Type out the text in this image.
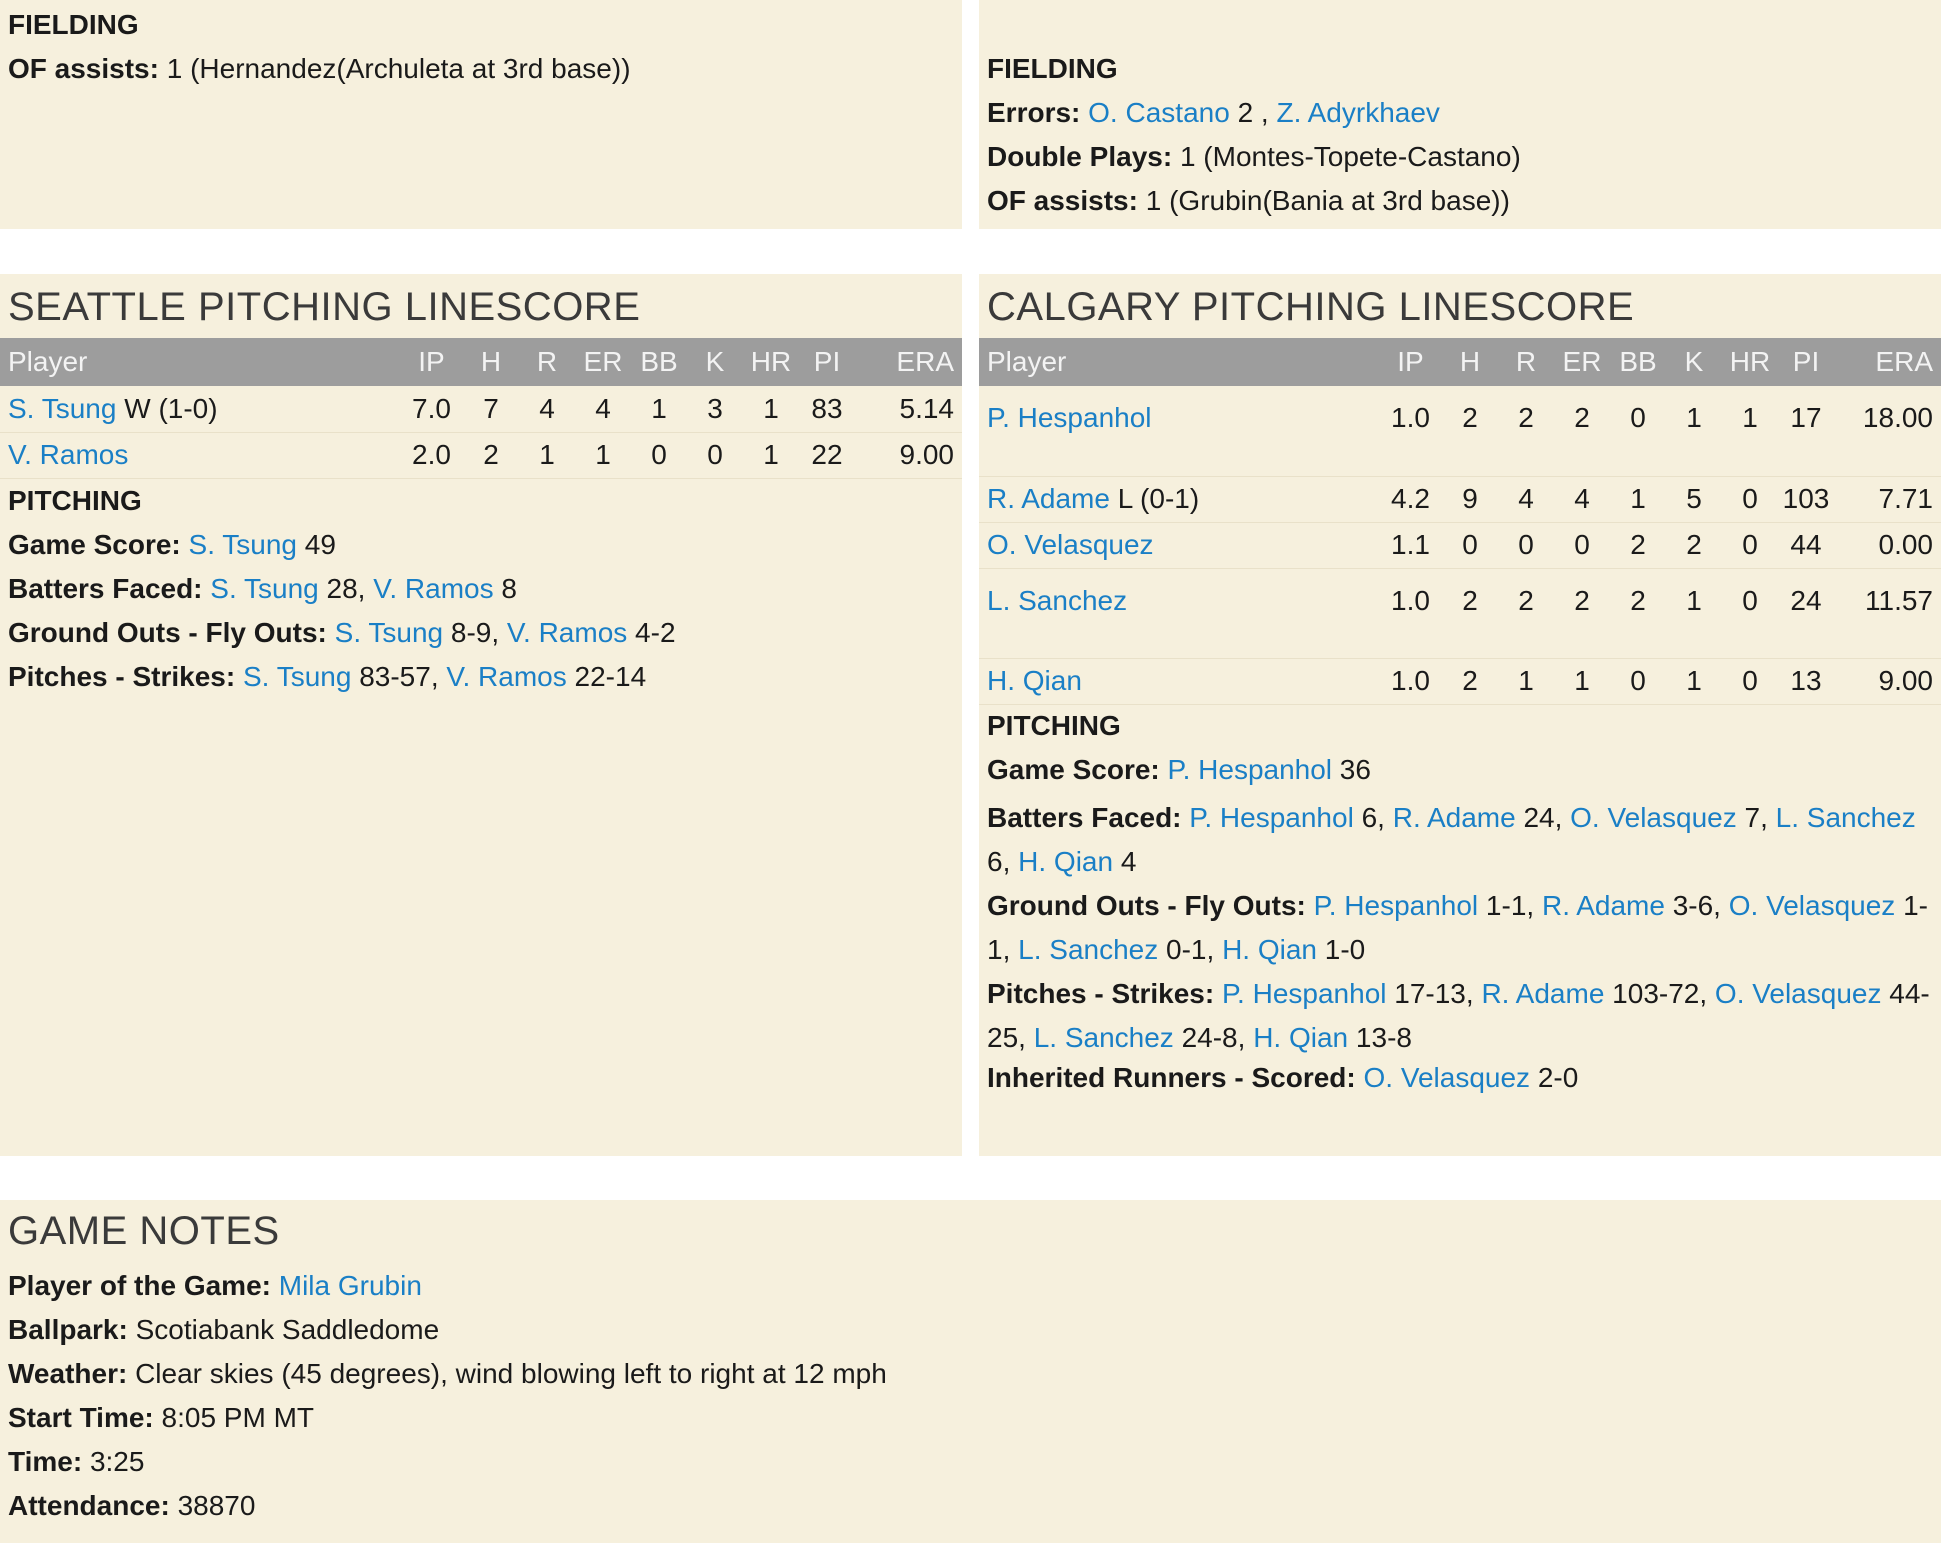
FIELDING
OF assists: 1 (Hernandez(Archuleta at 3rd base))	FIELDING
Errors: O. Castano 2 , Z. Adyrkhaev
Double Plays: 1 (Montes-Topete-Castano)
OF assists: 1 (Grubin(Bania at 3rd base))
SEATTLE PITCHING LINESCORE
Player	IP	H	R	ER	BB	K	HR	PI	ERA
S. Tsung W (1-0)	7.0	7	4	4	1	3	1	83	5.14
V. Ramos	2.0	2	1	1	0	0	1	22	9.00
PITCHING
Game Score: S. Tsung 49
Batters Faced: S. Tsung 28, V. Ramos 8
Ground Outs - Fly Outs: S. Tsung 8-9, V. Ramos 4-2
Pitches - Strikes: S. Tsung 83-57, V. Ramos 22-14
CALGARY PITCHING LINESCORE
Player	IP	H	R	ER	BB	K	HR	PI	ERA
P. Hespanhol	1.0	2	2	2	0	1	1	17	18.00
R. Adame L (0-1)	4.2	9	4	4	1	5	0	103	7.71
O. Velasquez	1.1	0	0	0	2	2	0	44	0.00
L. Sanchez	1.0	2	2	2	2	1	0	24	11.57
H. Qian	1.0	2	1	1	0	1	0	13	9.00
PITCHING
Game Score: P. Hespanhol 36
Batters Faced: P. Hespanhol 6, R. Adame 24, O. Velasquez 7, L. Sanchez 6, H. Qian 4
Ground Outs - Fly Outs: P. Hespanhol 1-1, R. Adame 3-6, O. Velasquez 1-1, L. Sanchez 0-1, H. Qian 1-0
Pitches - Strikes: P. Hespanhol 17-13, R. Adame 103-72, O. Velasquez 44-25, L. Sanchez 24-8, H. Qian 13-8
Inherited Runners - Scored: O. Velasquez 2-0
GAME NOTES
Player of the Game: Mila Grubin
Ballpark: Scotiabank Saddledome
Weather: Clear skies (45 degrees), wind blowing left to right at 12 mph
Start Time: 8:05 PM MT
Time: 3:25
Attendance: 38870
